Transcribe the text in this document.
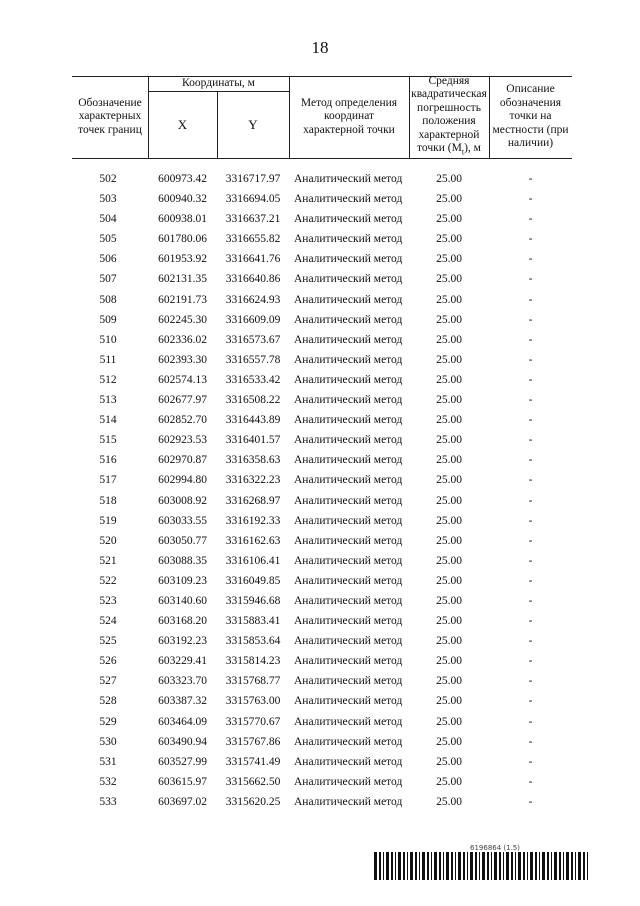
18
Обозначение характерных точек границ
Координаты, м
X	Y
Метод определения координат характерной точки
Средняя
квадратическая
погрешность
положения
характерной
точки $(M_t)$, м
Описание обозначения точки на местности (при наличии)
502	600973.42	3316717.97	Аналитический метод	25.00	-
503	600940.32	3316694.05	Аналитический метод	25.00	-
504	600938.01	3316637.21	Аналитический метод	25.00	-
505	601780.06	3316655.82	Аналитический метод	25.00	-
506	601953.92	3316641.76	Аналитический метод	25.00	-
507	602131.35	3316640.86	Аналитический метод	25.00	-
508	602191.73	3316624.93	Аналитический метод	25.00	-
509	602245.30	3316609.09	Аналитический метод	25.00	-
510	602336.02	3316573.67	Аналитический метод	25.00	-
511	602393.30	3316557.78	Аналитический метод	25.00	-
512	602574.13	3316533.42	Аналитический метод	25.00	-
513	602677.97	3316508.22	Аналитический метод	25.00	-
514	602852.70	3316443.89	Аналитический метод	25.00	-
515	602923.53	3316401.57	Аналитический метод	25.00	-
516	602970.87	3316358.63	Аналитический метод	25.00	-
517	602994.80	3316322.23	Аналитический метод	25.00	-
518	603008.92	3316268.97	Аналитический метод	25.00	-
519	603033.55	3316192.33	Аналитический метод	25.00	-
520	603050.77	3316162.63	Аналитический метод	25.00	-
521	603088.35	3316106.41	Аналитический метод	25.00	-
522	603109.23	3316049.85	Аналитический метод	25.00	-
523	603140.60	3315946.68	Аналитический метод	25.00	-
524	603168.20	3315883.41	Аналитический метод	25.00	-
525	603192.23	3315853.64	Аналитический метод	25.00	-
526	603229.41	3315814.23	Аналитический метод	25.00	-
527	603323.70	3315768.77	Аналитический метод	25.00	-
528	603387.32	3315763.00	Аналитический метод	25.00	-
529	603464.09	3315770.67	Аналитический метод	25.00	-
530	603490.94	3315767.86	Аналитический метод	25.00	-
531	603527.99	3315741.49	Аналитический метод	25.00	-
532	603615.97	3315662.50	Аналитический метод	25.00	-
533	603697.02	3315620.25	Аналитический метод	25.00	-
6196864 (1.5)
